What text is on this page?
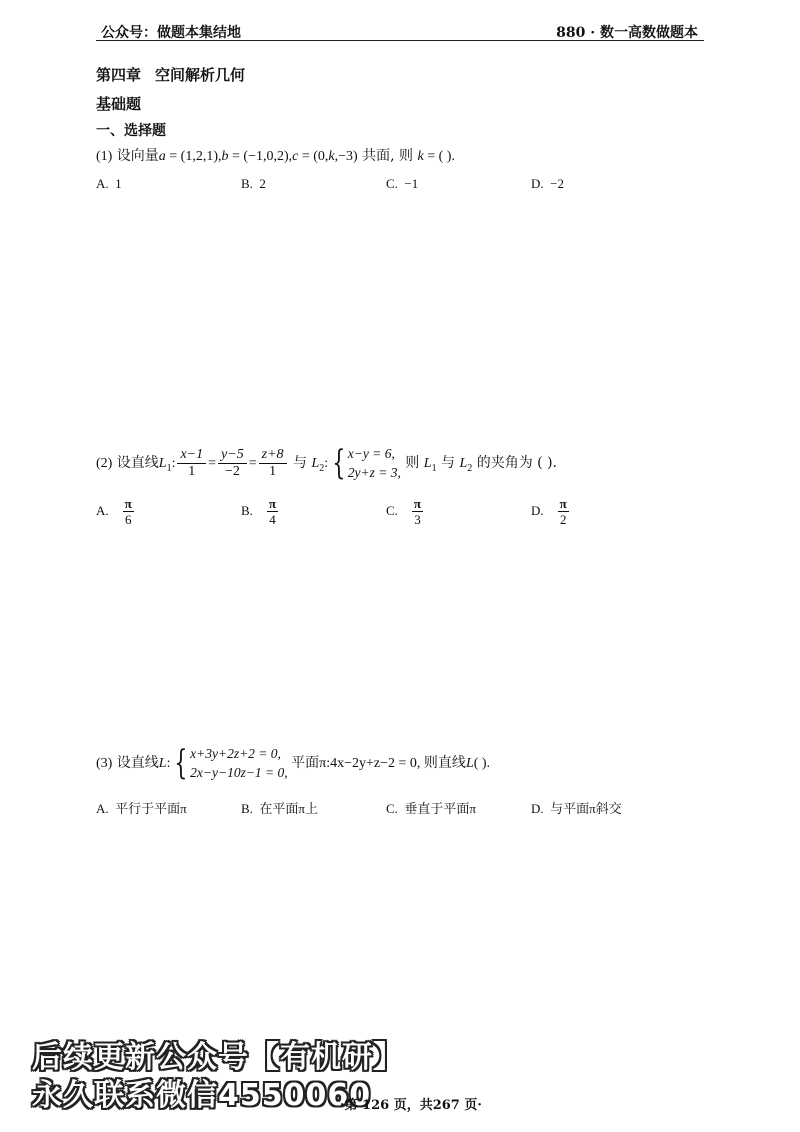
公众号：做题本集结地	880 · 数一高数做题本
第四章 空间解析几何
基础题
一、选择题
(1) 设向量a = (1,2,1),b = (−1,0,2),c = (0,k,−3) 共面, 则 k = ( ).
A. 1	B. 2	C. −1	D. −2
(2) 设直线$L_1$: $\frac{x-1}{1} = \frac{y-5}{-2} = \frac{z+8}{1}$ 与 $L_2$: { x−y = 6,
2y+z = 3,
则 $L_1$ 与 $L_2$ 的夹角为 ( ).
A. $\frac{\pi}{6}$	B. $\frac{\pi}{4}$	C. $\frac{\pi}{3}$	D. $\frac{\pi}{2}$
(3) 设直线L: { x+3y+2z+2 = 0,
2x−y−10z−1 = 0,
平面π:4x−2y+z−2 = 0, 则直线L( ).
A. 平行于平面π	B. 在平面π上	C. 垂直于平面π	D. 与平面π斜交
后续更新公众号【有机研】
永久联系微信4550060
·第 126 页，共267 页·
